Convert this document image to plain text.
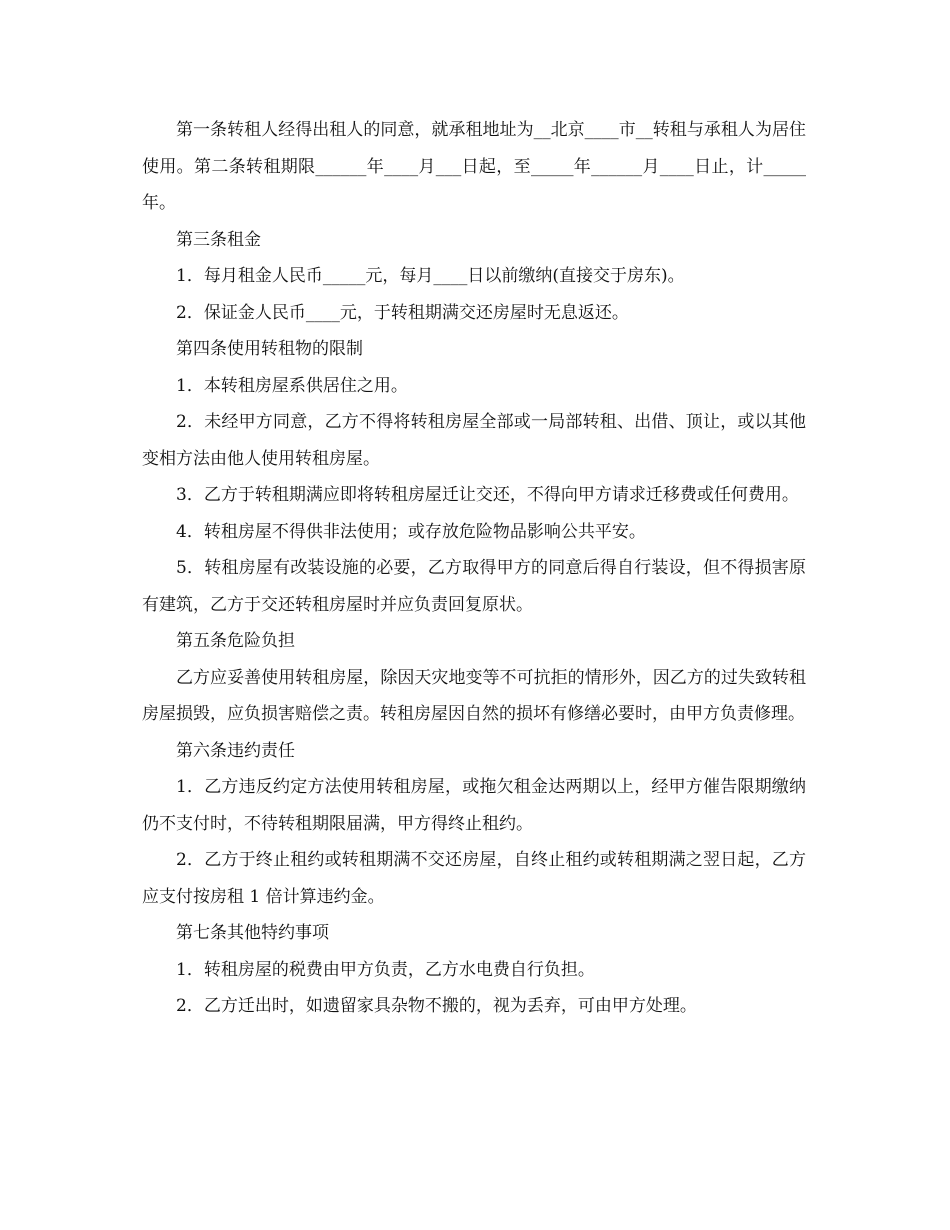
第一条转租人经得出租人的同意，就承租地址为__北京____市__转租与承租人为居住使用。第二条转租期限______年____月___日起，至_____年______月____日止，计_____年。

第三条租金

1．每月租金人民币_____元，每月____日以前缴纳(直接交于房东)。

2．保证金人民币____元，于转租期满交还房屋时无息返还。

第四条使用转租物的限制

1．本转租房屋系供居住之用。

2．未经甲方同意，乙方不得将转租房屋全部或一局部转租、出借、顶让，或以其他变相方法由他人使用转租房屋。

3．乙方于转租期满应即将转租房屋迁让交还，不得向甲方请求迁移费或任何费用。

4．转租房屋不得供非法使用；或存放危险物品影响公共平安。

5．转租房屋有改装设施的必要，乙方取得甲方的同意后得自行装设，但不得损害原有建筑，乙方于交还转租房屋时并应负责回复原状。

第五条危险负担

乙方应妥善使用转租房屋，除因天灾地变等不可抗拒的情形外，因乙方的过失致转租房屋损毁，应负损害赔偿之责。转租房屋因自然的损坏有修缮必要时，由甲方负责修理。

第六条违约责任

1．乙方违反约定方法使用转租房屋，或拖欠租金达两期以上，经甲方催告限期缴纳仍不支付时，不待转租期限届满，甲方得终止租约。

2．乙方于终止租约或转租期满不交还房屋，自终止租约或转租期满之翌日起，乙方应支付按房租 1 倍计算违约金。

第七条其他特约事项

1．转租房屋的税费由甲方负责，乙方水电费自行负担。

2．乙方迁出时，如遗留家具杂物不搬的，视为丢弃，可由甲方处理。
